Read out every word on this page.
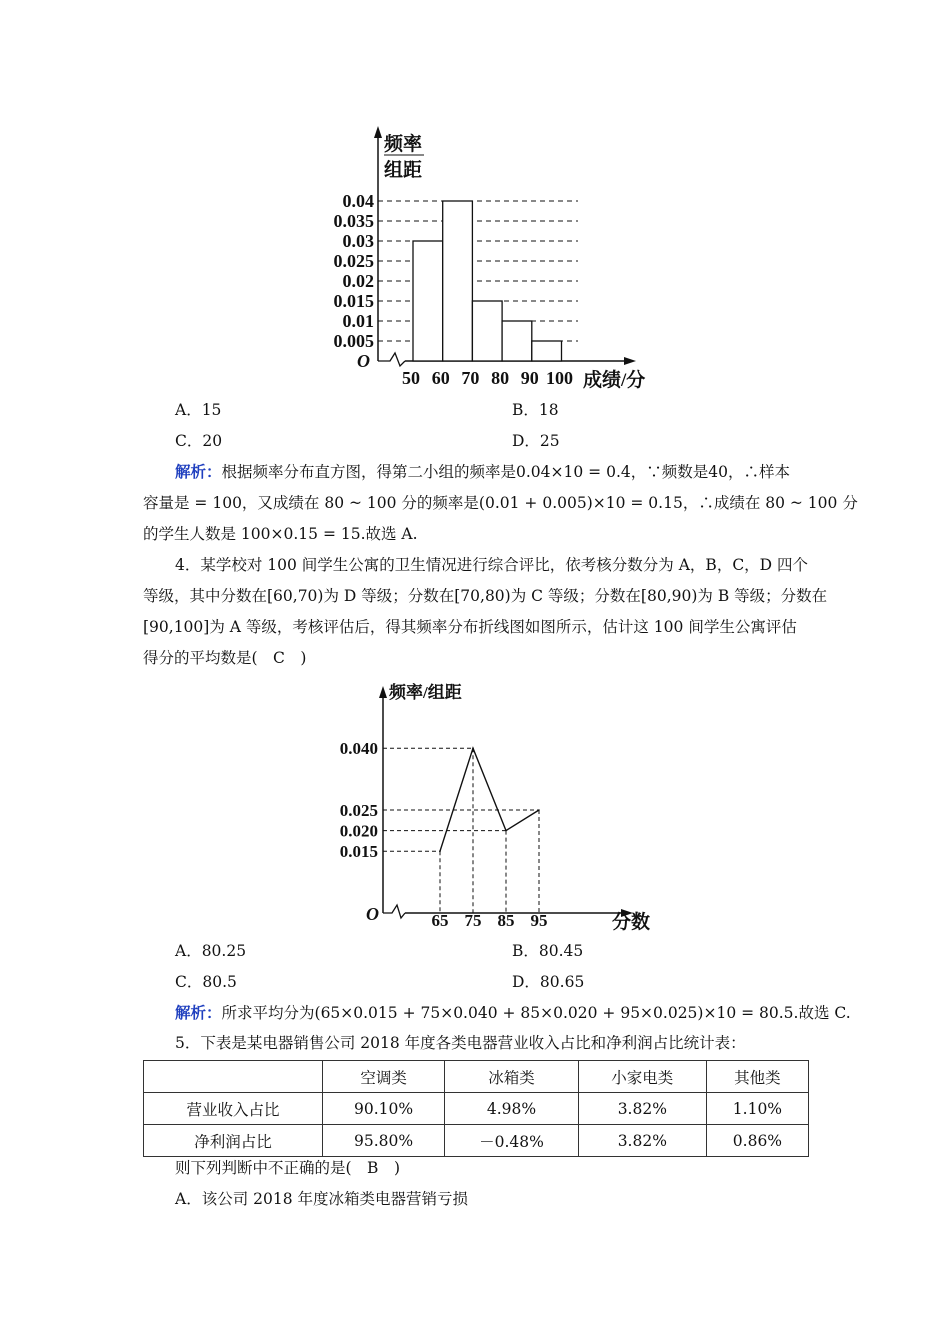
频率
组距
O
成绩/分
0.04
0.035
0.03
0.025
0.02
0.015
0.01
0.005
50 60 70 80 90 100
频率/组距
O	分数
0.040
0.025
0.020
0.015
65 75 85 95
A．15	B．18
C．20	D．25
解析：根据频率分布直方图，得第二小组的频率是0.04×10 = 0.4，∵频数是40，∴样本
容量是 = 100，又成绩在 80 ~ 100 分的频率是(0.01 + 0.005)×10 = 0.15，∴成绩在 80 ~ 100 分
的学生人数是 100×0.15 = 15.故选 A.
4．某学校对 100 间学生公寓的卫生情况进行综合评比，依考核分数分为 A，B，C，D 四个
等级，其中分数在[60,70)为 D 等级；分数在[70,80)为 C 等级；分数在[80,90)为 B 等级；分数在
[90,100]为 A 等级，考核评估后，得其频率分布折线图如图所示，估计这 100 间学生公寓评估
得分的平均数是(　C　)
A．80.25	B．80.45
C．80.5	D．80.65
解析：所求平均分为(65×0.015 + 75×0.040 + 85×0.020 + 95×0.025)×10 = 80.5.故选 C.
5．下表是某电器销售公司 2018 年度各类电器营业收入占比和净利润占比统计表：
	空调类	冰箱类	小家电类	其他类
营业收入占比	90.10%	4.98%	3.82%	1.10%
净利润占比	95.80%	－0.48%	3.82%	0.86%
则下列判断中不正确的是(　B　)
A．该公司 2018 年度冰箱类电器营销亏损
